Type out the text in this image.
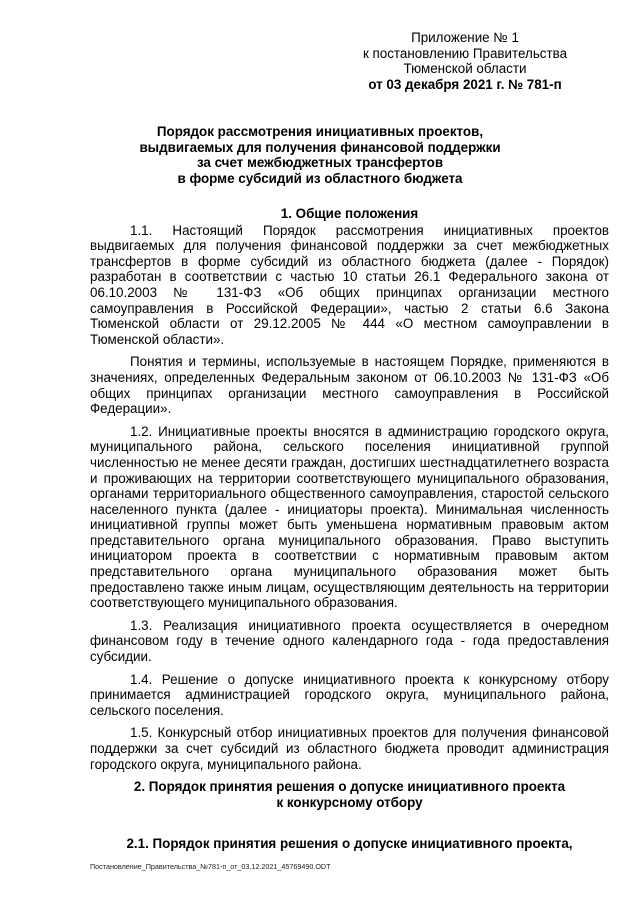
Приложение № 1
к постановлению Правительства
Тюменской области
от 03 декабря 2021 г. № 781-п
Порядок рассмотрения инициативных проектов,
выдвигаемых для получения финансовой поддержки
за счет межбюджетных трансфертов
в форме субсидий из областного бюджета
1. Общие положения

1.1. Настоящий Порядок рассмотрения инициативных проектов выдвигаемых для получения финансовой поддержки за счет межбюджетных трансфертов в форме субсидий из областного бюджета (далее - Порядок) разработан в соответствии с частью 10 статьи 26.1 Федерального закона от 06.10.2003 № 131-ФЗ «Об общих принципах организации местного самоуправления в Российской Федерации», частью 2 статьи 6.6 Закона Тюменской области от 29.12.2005 № 444 «О местном самоуправлении в Тюменской области».

Понятия и термины, используемые в настоящем Порядке, применяются в значениях, определенных Федеральным законом от 06.10.2003 № 131-ФЗ «Об общих принципах организации местного самоуправления в Российской Федерации».

1.2. Инициативные проекты вносятся в администрацию городского округа, муниципального района, сельского поселения инициативной группой численностью не менее десяти граждан, достигших шестнадцатилетнего возраста и проживающих на территории соответствующего муниципального образования, органами территориального общественного самоуправления, старостой сельского населенного пункта (далее - инициаторы проекта). Минимальная численность инициативной группы может быть уменьшена нормативным правовым актом представительного органа муниципального образования. Право выступить инициатором проекта в соответствии с нормативным правовым актом представительного органа муниципального образования может быть предоставлено также иным лицам, осуществляющим деятельность на территории соответствующего муниципального образования.

1.3. Реализация инициативного проекта осуществляется в очередном финансовом году в течение одного календарного года - года предоставления субсидии.

1.4. Решение о допуске инициативного проекта к конкурсному отбору принимается администрацией городского округа, муниципального района, сельского поселения.

1.5. Конкурсный отбор инициативных проектов для получения финансовой поддержки за счет субсидий из областного бюджета проводит администрация городского округа, муниципального района.

2. Порядок принятия решения о допуске инициативного проекта
к конкурсному отбору
2.1. Порядок принятия решения о допуске инициативного проекта,
Постановление_Правительства_№781-п_от_03.12.2021_45769490.ODT
